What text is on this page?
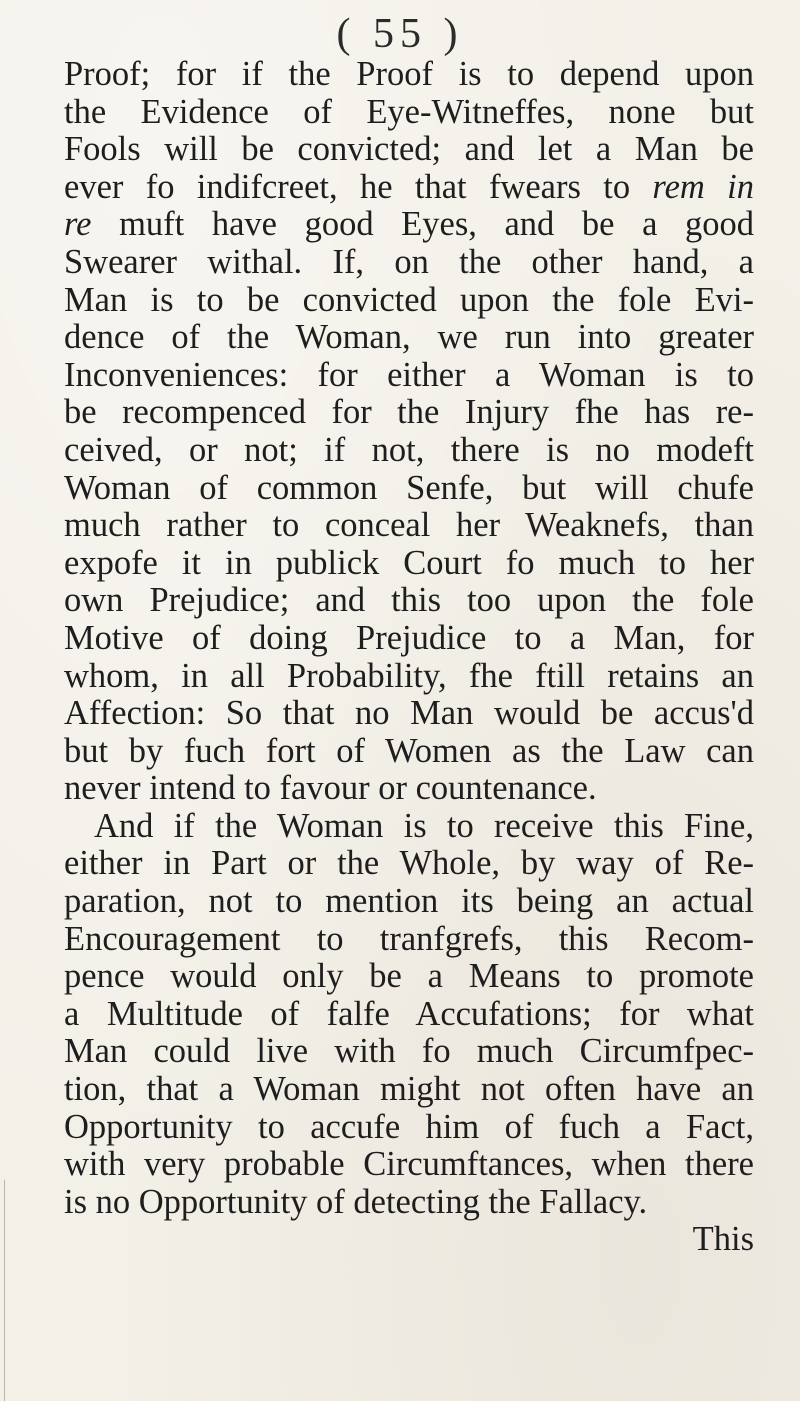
( 55 )
Proof; for if the Proof is to depend upon
the Evidence of Eye-Witneffes, none but
Fools will be convicted; and let a Man be
ever fo indifcreet, he that fwears to rem in
re muft have good Eyes, and be a good
Swearer withal. If, on the other hand, a
Man is to be convicted upon the fole Evi-
dence of the Woman, we run into greater
Inconveniences: for either a Woman is to
be recompenced for the Injury fhe has re-
ceived, or not; if not, there is no modeft
Woman of common Senfe, but will chufe
much rather to conceal her Weaknefs, than
expofe it in publick Court fo much to her
own Prejudice; and this too upon the fole
Motive of doing Prejudice to a Man, for
whom, in all Probability, fhe ftill retains an
Affection: So that no Man would be accus'd
but by fuch fort of Women as the Law can
never intend to favour or countenance.
And if the Woman is to receive this Fine,
either in Part or the Whole, by way of Re-
paration, not to mention its being an actual
Encouragement to tranfgrefs, this Recom-
pence would only be a Means to promote
a Multitude of falfe Accufations; for what
Man could live with fo much Circumfpec-
tion, that a Woman might not often have an
Opportunity to accufe him of fuch a Fact,
with very probable Circumftances, when there
is no Opportunity of detecting the Fallacy.
This
